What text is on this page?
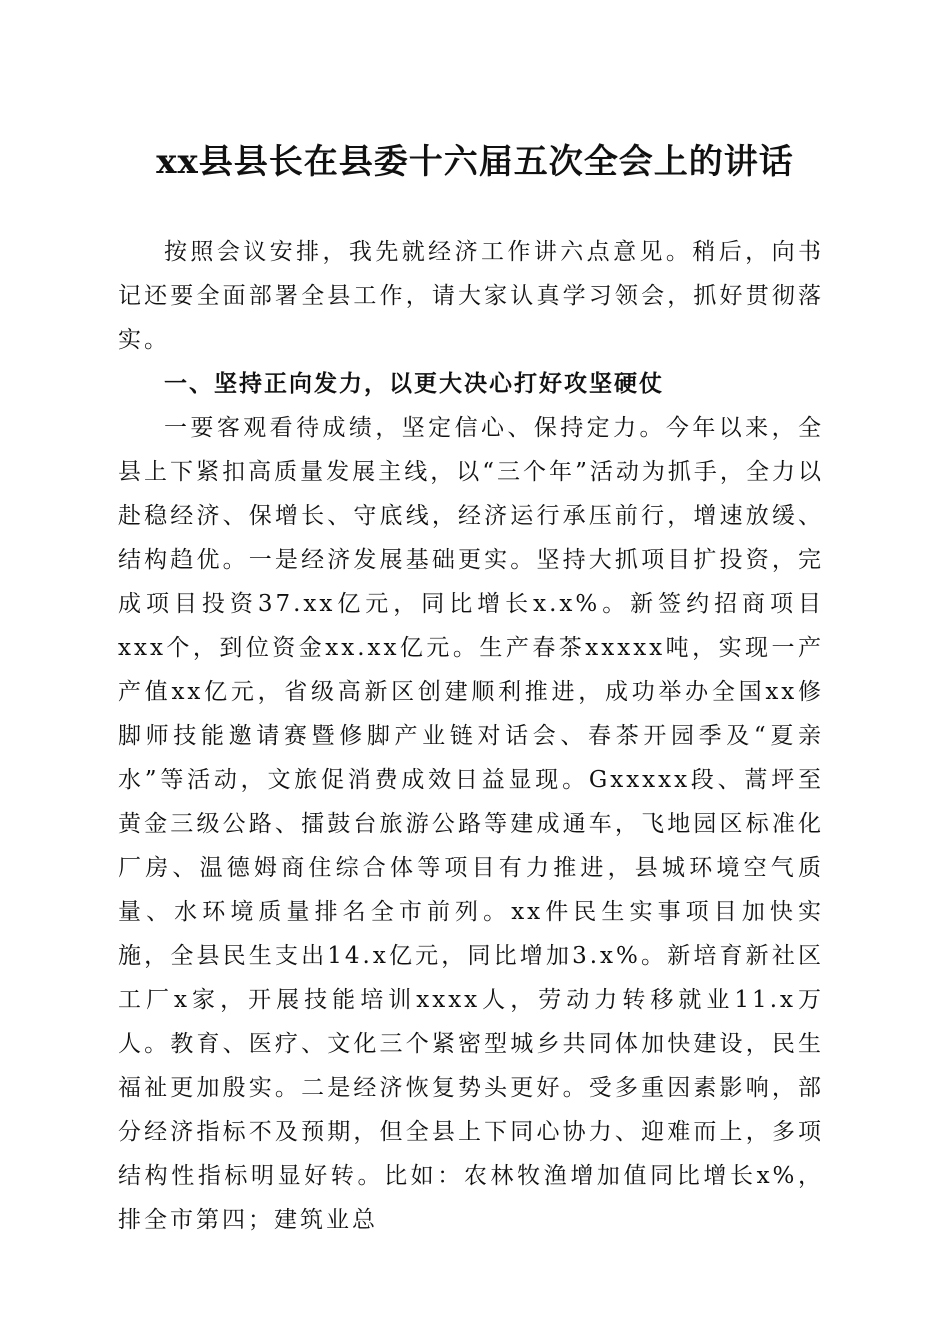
xx县县长在县委十六届五次全会上的讲话

按照会议安排，我先就经济工作讲六点意见。稍后，向书记还要全面部署全县工作，请大家认真学习领会，抓好贯彻落实。

一、坚持正向发力，以更大决心打好攻坚硬仗

一要客观看待成绩，坚定信心、保持定力。今年以来，全县上下紧扣高质量发展主线，以“三个年”活动为抓手，全力以赴稳经济、保增长、守底线，经济运行承压前行，增速放缓、结构趋优。一是经济发展基础更实。坚持大抓项目扩投资，完成项目投资37.xx亿元，同比增长x.x%。新签约招商项目xxx个，到位资金xx.xx亿元。生产春茶xxxxx吨，实现一产产值xx亿元，省级高新区创建顺利推进，成功举办全国xx修脚师技能邀请赛暨修脚产业链对话会、春茶开园季及“夏亲水”等活动，文旅促消费成效日益显现。Gxxxxx段、蒿坪至黄金三级公路、擂鼓台旅游公路等建成通车，飞地园区标准化厂房、温德姆商住综合体等项目有力推进，县城环境空气质量、水环境质量排名全市前列。xx件民生实事项目加快实施，全县民生支出14.x亿元，同比增加3.x%。新培育新社区工厂x家，开展技能培训xxxx人，劳动力转移就业11.x万人。教育、医疗、文化三个紧密型城乡共同体加快建设，民生福祉更加殷实。二是经济恢复势头更好。受多重因素影响，部分经济指标不及预期，但全县上下同心协力、迎难而上，多项结构性指标明显好转。比如：农林牧渔增加值同比增长x%，排全市第四；建筑业总
